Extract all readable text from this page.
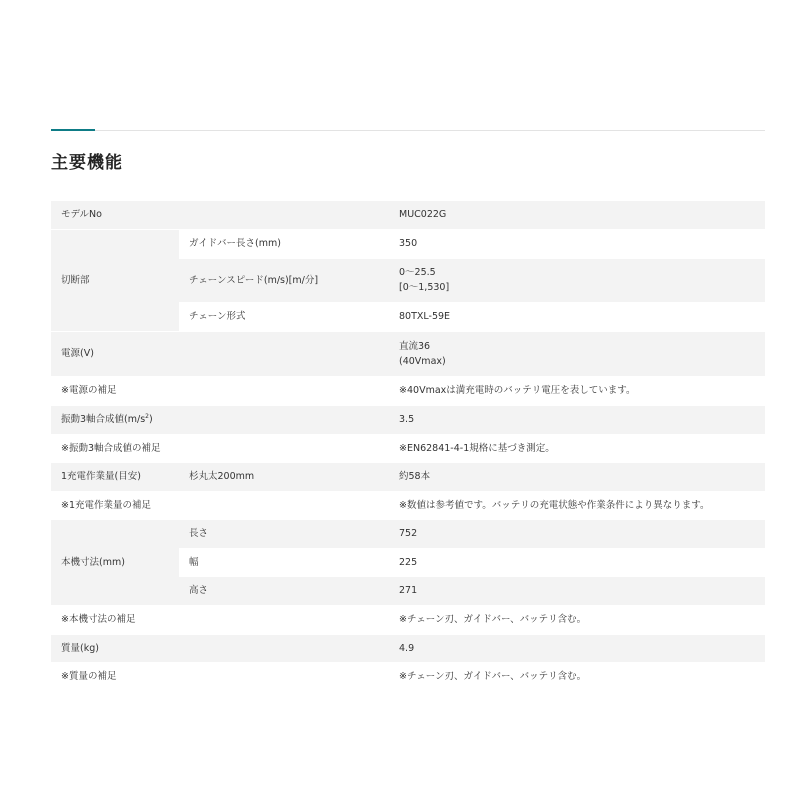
主要機能
モデルNo		MUC022G
切断部	ガイドバー長さ(mm)	350
	チェーンスピード(m/s)[m/分]	0〜25.5
[0〜1,530]

	チェーン形式	80TXL-59E
電源(V)		直流36
(40Vmax)

※電源の補足		※40Vmaxは満充電時のバッテリ電圧を表しています。
振動3軸合成値$(m/s^2)$		3.5
※振動3軸合成値の補足		※EN62841-4-1規格に基づき測定。
1充電作業量(目安)	杉丸太200mm	約58本
※1充電作業量の補足		※数値は参考値です。バッテリの充電状態や作業条件により異なります。
本機寸法(mm)	長さ	752
	幅	225
	高さ	271
※本機寸法の補足		※チェーン刃、ガイドバー、バッテリ含む。
質量(kg)		4.9
※質量の補足		※チェーン刃、ガイドバー、バッテリ含む。
